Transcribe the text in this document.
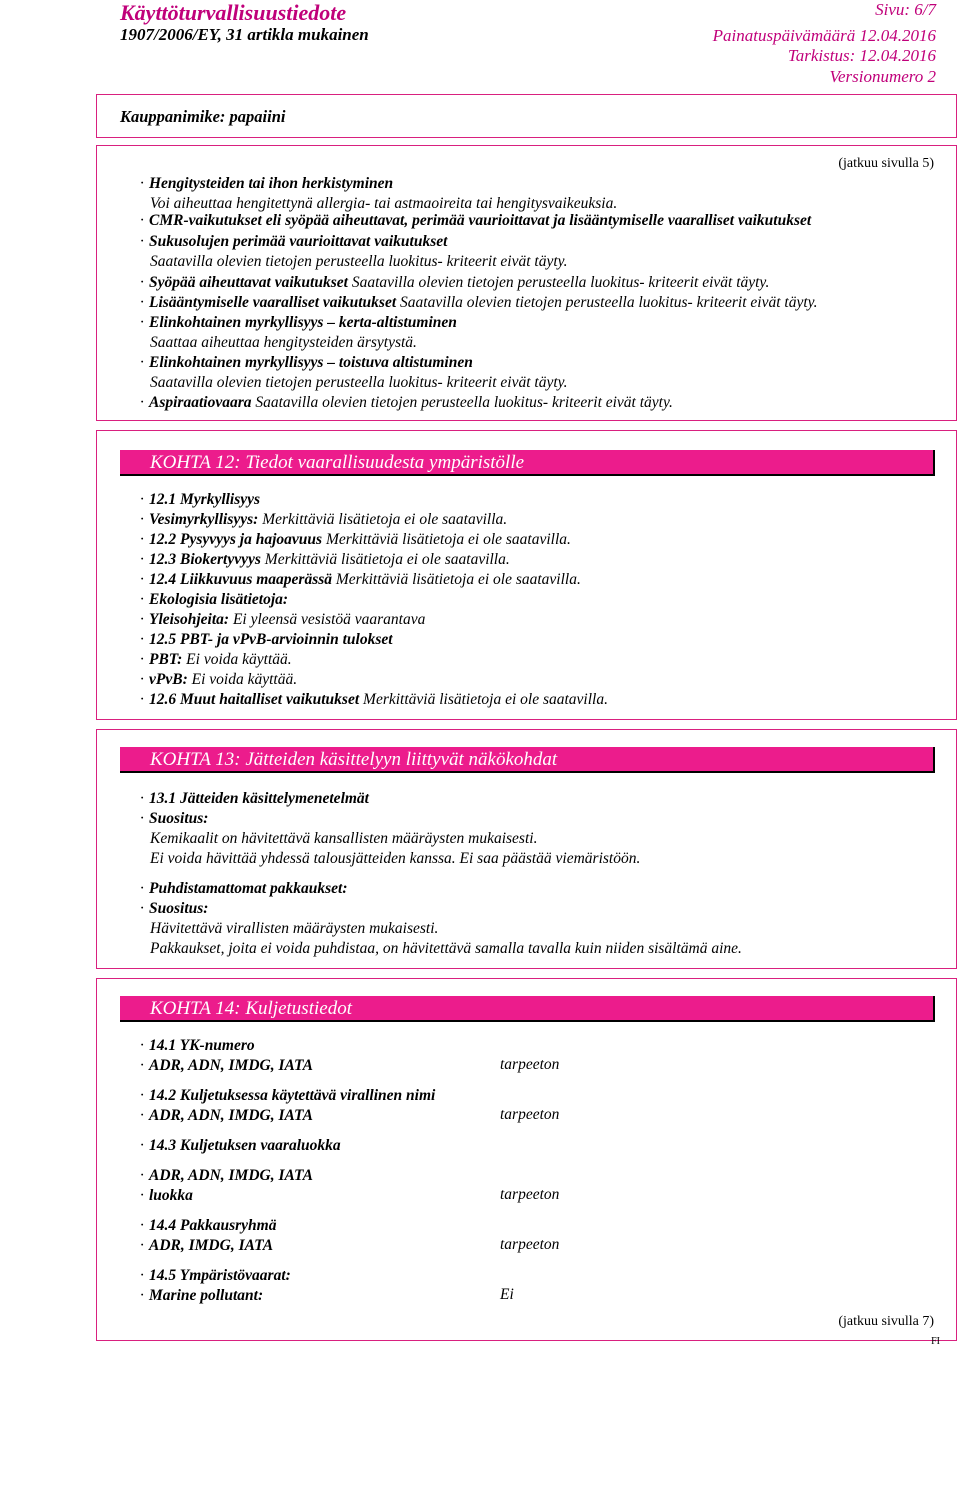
Käyttöturvallisuustiedote
1907/2006/EY, 31 artikla mukainen
Sivu: 6/7
Painatuspäivämäärä 12.04.2016
Tarkistus: 12.04.2016
Versionumero 2
Kauppanimike: papaiini
(jatkuu sivulla 5)
· Hengitysteiden tai ihon herkistyminen
Voi aiheuttaa hengitettynä allergia- tai astmaoireita tai hengitysvaikeuksia.
· CMR-vaikutukset eli syöpää aiheuttavat, perimää vaurioittavat ja lisääntymiselle vaaralliset vaikutukset
· Sukusolujen perimää vaurioittavat vaikutukset
Saatavilla olevien tietojen perusteella luokitus- kriteerit eivät täyty.
· Syöpää aiheuttavat vaikutukset Saatavilla olevien tietojen perusteella luokitus- kriteerit eivät täyty.
· Lisääntymiselle vaaralliset vaikutukset Saatavilla olevien tietojen perusteella luokitus- kriteerit eivät täyty.
· Elinkohtainen myrkyllisyys – kerta-altistuminen
Saattaa aiheuttaa hengitysteiden ärsytystä.
· Elinkohtainen myrkyllisyys – toistuva altistuminen
Saatavilla olevien tietojen perusteella luokitus- kriteerit eivät täyty.
· Aspiraatiovaara Saatavilla olevien tietojen perusteella luokitus- kriteerit eivät täyty.
KOHTA 12: Tiedot vaarallisuudesta ympäristölle
· 12.1 Myrkyllisyys
· Vesimyrkyllisyys: Merkittäviä lisätietoja ei ole saatavilla.
· 12.2 Pysyvyys ja hajoavuus Merkittäviä lisätietoja ei ole saatavilla.
· 12.3 Biokertyvyys Merkittäviä lisätietoja ei ole saatavilla.
· 12.4 Liikkuvuus maaperässä Merkittäviä lisätietoja ei ole saatavilla.
· Ekologisia lisätietoja:
· Yleisohjeita: Ei yleensä vesistöä vaarantava
· 12.5 PBT- ja vPvB-arvioinnin tulokset
· PBT: Ei voida käyttää.
· vPvB: Ei voida käyttää.
· 12.6 Muut haitalliset vaikutukset Merkittäviä lisätietoja ei ole saatavilla.
KOHTA 13: Jätteiden käsittelyyn liittyvät näkökohdat
· 13.1 Jätteiden käsittelymenetelmät
· Suositus:
Kemikaalit on hävitettävä kansallisten määräysten mukaisesti.
Ei voida hävittää yhdessä talousjätteiden kanssa. Ei saa päästää viemäristöön.
· Puhdistamattomat pakkaukset:
· Suositus:
Hävitettävä virallisten määräysten mukaisesti.
Pakkaukset, joita ei voida puhdistaa, on hävitettävä samalla tavalla kuin niiden sisältämä aine.
KOHTA 14: Kuljetustiedot
· 14.1 YK-numero
· ADR, ADN, IMDG, IATA	tarpeeton
· 14.2 Kuljetuksessa käytettävä virallinen nimi
· ADR, ADN, IMDG, IATA	tarpeeton
· 14.3 Kuljetuksen vaaraluokka
· ADR, ADN, IMDG, IATA
· luokka	tarpeeton
· 14.4 Pakkausryhmä
· ADR, IMDG, IATA	tarpeeton
· 14.5 Ympäristövaarat:
· Marine pollutant:	Ei
(jatkuu sivulla 7)
FI
